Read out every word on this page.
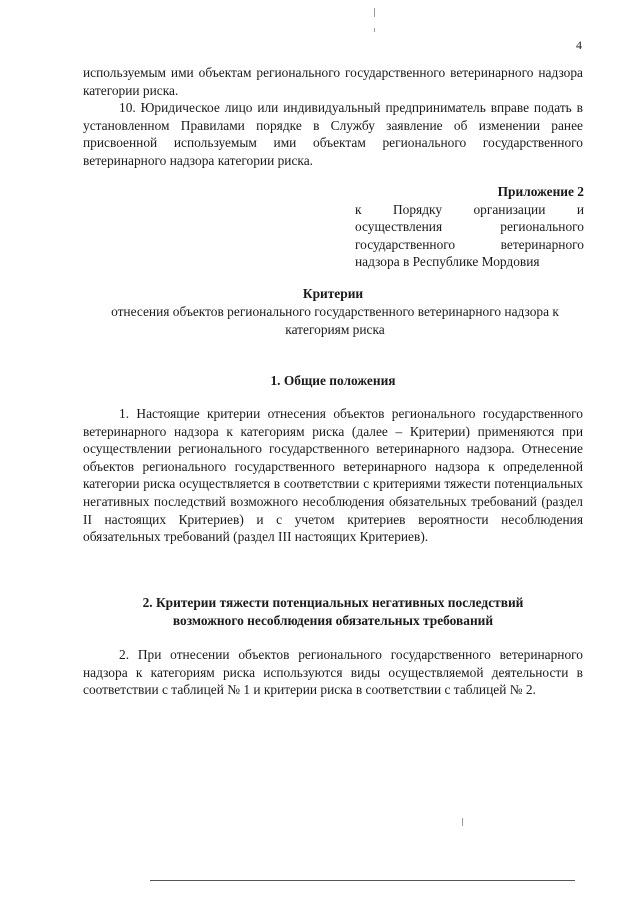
4
используемым ими объектам регионального государственного ветеринарного надзора категории риска.
10. Юридическое лицо или индивидуальный предприниматель вправе подать в установленном Правилами порядке в Службу заявление об изменении ранее присвоенной используемым ими объектам регионального государственного ветеринарного надзора категории риска.
Приложение 2
к Порядку организации и осуществления регионального государственного ветеринарного надзора в Республике Мордовия
Критерии
отнесения объектов регионального государственного ветеринарного надзора к категориям риска
1. Общие положения
1. Настоящие критерии отнесения объектов регионального государственного ветеринарного надзора к категориям риска (далее – Критерии) применяются при осуществлении регионального государственного ветеринарного надзора. Отнесение объектов регионального государственного ветеринарного надзора к определенной категории риска осуществляется в соответствии с критериями тяжести потенциальных негативных последствий возможного несоблюдения обязательных требований (раздел II настоящих Критериев) и с учетом критериев вероятности несоблюдения обязательных требований (раздел III настоящих Критериев).
2. Критерии тяжести потенциальных негативных последствий
возможного несоблюдения обязательных требований
2. При отнесении объектов регионального государственного ветеринарного надзора к категориям риска используются виды осуществляемой деятельности в соответствии с таблицей № 1 и критерии риска в соответствии с таблицей № 2.
